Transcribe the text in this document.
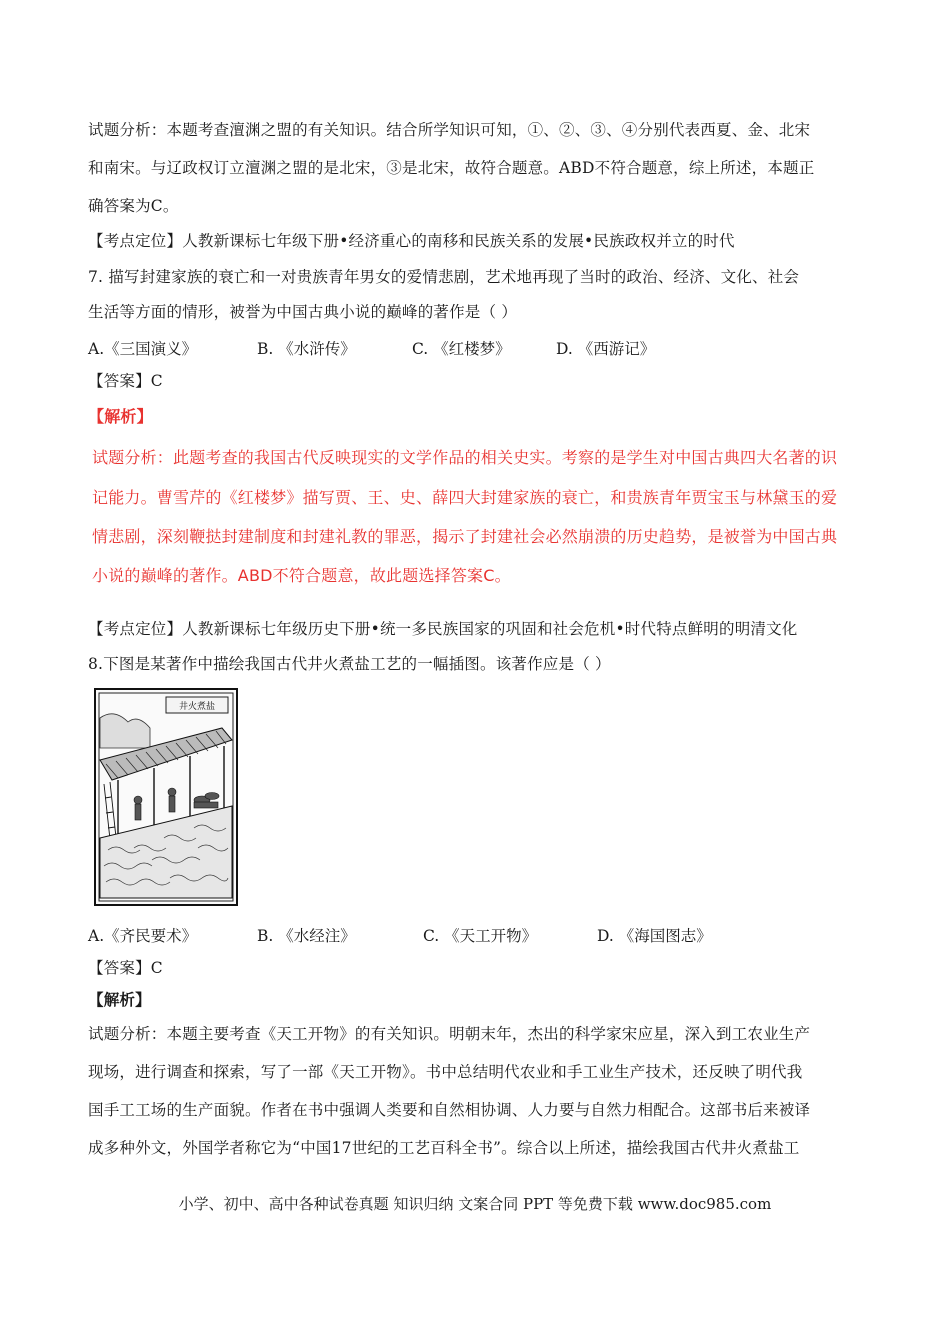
试题分析：本题考查澶渊之盟的有关知识。结合所学知识可知，①、②、③、④分别代表西夏、金、北宋
和南宋。与辽政权订立澶渊之盟的是北宋，③是北宋，故符合题意。ABD不符合题意，综上所述，本题正
确答案为C。
【考点定位】人教新课标七年级下册•经济重心的南移和民族关系的发展•民族政权并立的时代
7. 描写封建家族的衰亡和一对贵族青年男女的爱情悲剧，艺术地再现了当时的政治、经济、文化、社会
生活等方面的情形，被誉为中国古典小说的巅峰的著作是（ ）
A.《三国演义》	B. 《水浒传》	C. 《红楼梦》	D. 《西游记》
【答案】C
【解析】
试题分析：此题考查的我国古代反映现实的文学作品的相关史实。考察的是学生对中国古典四大名著的识
记能力。曹雪芹的《红楼梦》描写贾、王、史、薛四大封建家族的衰亡，和贵族青年贾宝玉与林黛玉的爱
情悲剧，深刻鞭挞封建制度和封建礼教的罪恶，揭示了封建社会必然崩溃的历史趋势，是被誉为中国古典
小说的巅峰的著作。ABD不符合题意，故此题选择答案C。
【考点定位】人教新课标七年级历史下册•统一多民族国家的巩固和社会危机•时代特点鲜明的明清文化
8.下图是某著作中描绘我国古代井火煮盐工艺的一幅插图。该著作应是（ ）
井火煮盐
A.《齐民要术》	B. 《水经注》	C. 《天工开物》	D. 《海国图志》
【答案】C
【解析】
试题分析：本题主要考查《天工开物》的有关知识。明朝末年，杰出的科学家宋应星，深入到工农业生产
现场，进行调查和探索，写了一部《天工开物》。书中总结明代农业和手工业生产技术，还反映了明代我
国手工工场的生产面貌。作者在书中强调人类要和自然相协调、人力要与自然力相配合。这部书后来被译
成多种外文，外国学者称它为“中国17世纪的工艺百科全书”。综合以上所述，描绘我国古代井火煮盐工
小学、初中、高中各种试卷真题 知识归纳 文案合同 PPT 等免费下载 www.doc985.com
